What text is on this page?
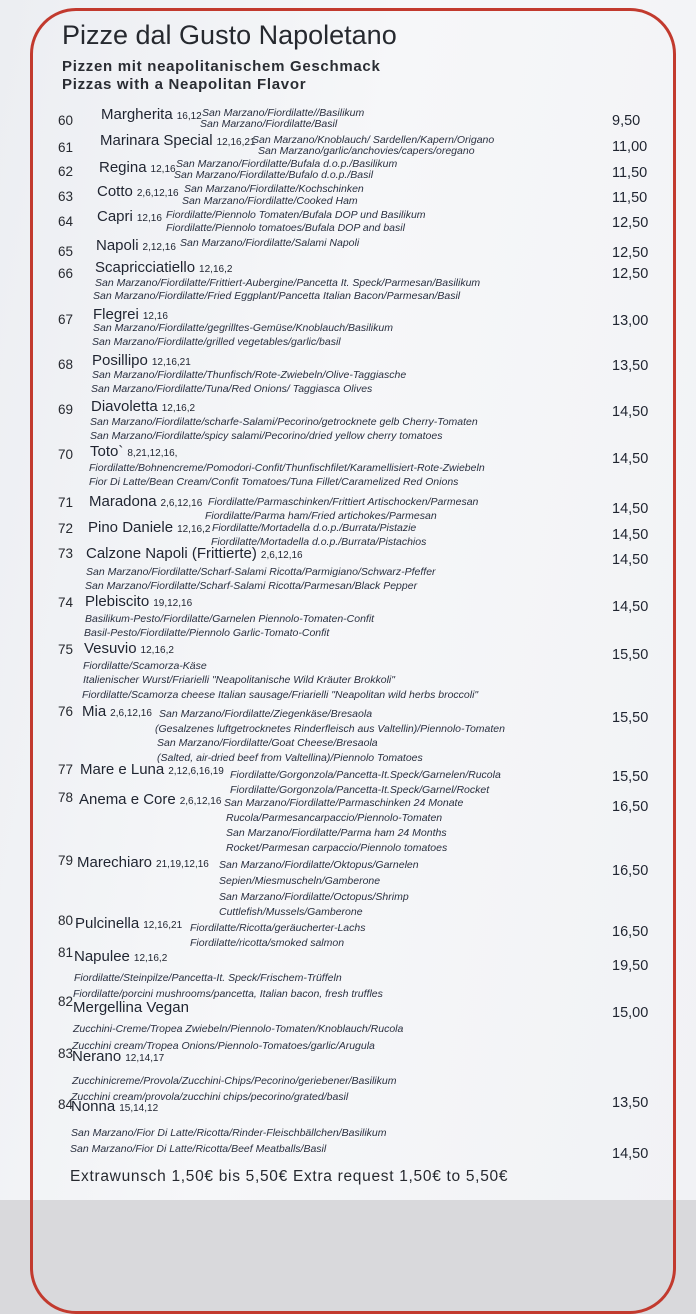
Pizze dal Gusto Napoletano
Pizzen mit neapolitanischem Geschmack
Pizzas with a Neapolitan Flavor
60 Margherita 16,12 San Marzano/Fiordilatte//Basilikum
San Marzano/Fiordilatte/Basil	9,50
61 Marinara Special 12,16,21
San Marzano/Knoblauch/ Sardellen/Kapern/Origano
San Marzano/garlic/anchovies/capers/oregano	11,00
62 Regina 12,16 San Marzano/Fiordilatte/Bufala d.o.p./Basilikum
San Marzano/Fiordilatte/Bufalo d.o.p./Basil	11,50
63 Cotto 2,6,12,16 San Marzano/Fiordilatte/Kochschinken
San Marzano/Fiordilatte/Cooked Ham	11,50
64 Capri 12,16 Fiordilatte/Piennolo Tomaten/Bufala DOP und Basilikum
Fiordilatte/Piennolo tomatoes/Bufala DOP and basil	12,50
65 Napoli 2,12,16 San Marzano/Fiordilatte/Salami Napoli
12,50
66 Scapricciatiello 12,16,2
San Marzano/Fiordilatte/Frittiert-Aubergine/Pancetta It. Speck/Parmesan/Basilikum
San Marzano/Fiordilatte/Fried Eggplant/Pancetta Italian Bacon/Parmesan/Basil
12,50
67 Flegrei 12,16
San Marzano/Fiordilatte/gegrilltes-Gemüse/Knoblauch/Basilikum
San Marzano/Fiordilatte/grilled vegetables/garlic/basil
13,00
68 Posillipo 12,16,21
San Marzano/Fiordilatte/Thunfisch/Rote-Zwiebeln/Olive-Taggiasche
San Marzano/Fiordilatte/Tuna/Red Onions/ Taggiasca Olives
13,50
69 Diavoletta 12,16,2
San Marzano/Fiordilatte/scharfe-Salami/Pecorino/getrocknete gelb Cherry-Tomaten
San Marzano/Fiordilatte/spicy salami/Pecorino/dried yellow cherry tomatoes
14,50
70 Toto` 8,21,12,16,
Fiordilatte/Bohnencreme/Pomodori-Confit/Thunfischfilet/Karamellisiert-Rote-Zwiebeln
Fior Di Latte/Bean Cream/Confit Tomatoes/Tuna Fillet/Caramelized Red Onions
14,50
71 Maradona 2,6,12,16 Fiordilatte/Parmaschinken/Frittiert Artischocken/Parmesan
Fiordilatte/Parma ham/Fried artichokes/Parmesan	14,50
72 Pino Daniele 12,16,2 Fiordilatte/Mortadella d.o.p./Burrata/Pistazie
Fiordilatte/Mortadella d.o.p./Burrata/Pistachios	14,50
73 Calzone Napoli (Frittierte) 2,6,12,16
San Marzano/Fiordilatte/Scharf-Salami Ricotta/Parmigiano/Schwarz-Pfeffer
San Marzano/Fiordilatte/Scharf-Salami Ricotta/Parmesan/Black Pepper
14,50
74 Plebiscito 19,12,16
Basilikum-Pesto/Fiordilatte/Garnelen Piennolo-Tomaten-Confit
Basil-Pesto/Fiordilatte/Piennolo Garlic-Tomato-Confit
14,50
75 Vesuvio 12,16,2
Fiordilatte/Scamorza-Käse
Italienischer Wurst/Friarielli "Neapolitanische Wild Kräuter Brokkoli"
Fiordilatte/Scamorza cheese Italian sausage/Friarielli "Neapolitan wild herbs broccoli"
15,50
76 Mia 2,6,12,16 San Marzano/Fiordilatte/Ziegenkäse/Bresaola
(Gesalzenes luftgetrocknetes Rinderfleisch aus Valtellin)/Piennolo-Tomaten
San Marzano/Fiordilatte/Goat Cheese/Bresaola
(Salted, air-dried beef from Valtellina)/Piennolo Tomatoes
15,50
77 Mare e Luna 2,12,6,16,19 Fiordilatte/Gorgonzola/Pancetta-It.Speck/Garnelen/Rucola
Fiordilatte/Gorgonzola/Pancetta-It.Speck/Garnel/Rocket
15,50
78 Anema e Core 2,6,12,16 San Marzano/Fiordilatte/Parmaschinken 24 Monate
Rucola/Parmesancarpaccio/Piennolo-Tomaten
San Marzano/Fiordilatte/Parma ham 24 Months
Rocket/Parmesan carpaccio/Piennolo tomatoes
16,50
79 Marechiaro 21,19,12,16 San Marzano/Fiordilatte/Oktopus/Garnelen
Sepien/Miesmuscheln/Gamberone
San Marzano/Fiordilatte/Octopus/Shrimp
Cuttlefish/Mussels/Gamberone
16,50
80 Pulcinella 12,16,21 Fiordilatte/Ricotta/geräucherter-Lachs
Fiordilatte/ricotta/smoked salmon
16,50
81 Napulee 12,16,2
Fiordilatte/Steinpilze/Pancetta-It. Speck/Frischem-Trüffeln
Fiordilatte/porcini mushrooms/pancetta, Italian bacon, fresh truffles
19,50
82 Mergellina Vegan
Zucchini-Creme/Tropea Zwiebeln/Piennolo-Tomaten/Knoblauch/Rucola
Zucchini cream/Tropea Onions/Piennolo-Tomatoes/garlic/Arugula
15,00
83
Nerano 12,14,17
Zucchinicreme/Provola/Zucchini-Chips/Pecorino/geriebener/Basilikum
Zucchini cream/provola/zucchini chips/pecorino/grated/basil	13,50
84
Nonna 15,14,12
San Marzano/Fior Di Latte/Ricotta/Rinder-Fleischbällchen/Basilikum
San Marzano/Fior Di Latte/Ricotta/Beef Meatballs/Basil	14,50
Extrawunsch 1,50€ bis 5,50€ Extra request 1,50€ to 5,50€
